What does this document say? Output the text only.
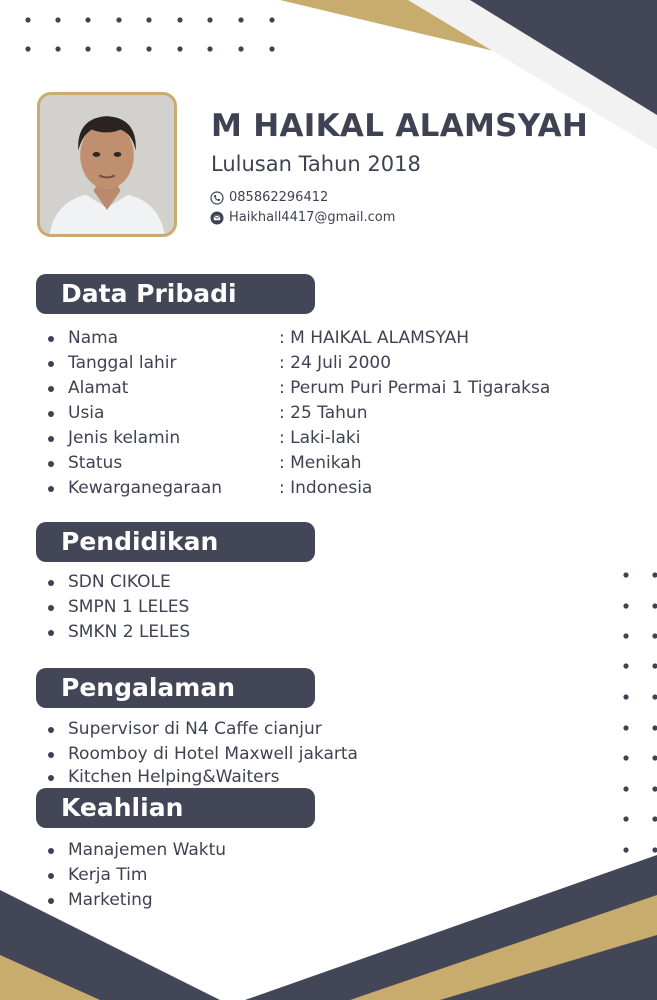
M HAIKAL ALAMSYAH
Lulusan Tahun 2018
085862296412
Haikhall4417@gmail.com
Data Pribadi
Nama	: M HAIKAL ALAMSYAH
Tanggal lahir	: 24 Juli 2000
Alamat	: Perum Puri Permai 1 Tigaraksa
Usia	: 25 Tahun
Jenis kelamin	: Laki-laki
Status	: Menikah
Kewarganegaraan	: Indonesia
Pendidikan
SDN CIKOLE
SMPN 1 LELES
SMKN 2 LELES
Pengalaman
Supervisor di N4 Caffe cianjur
Roomboy di Hotel Maxwell jakarta
Kitchen Helping&Waiters
Keahlian
Manajemen Waktu
Kerja Tim
Marketing
